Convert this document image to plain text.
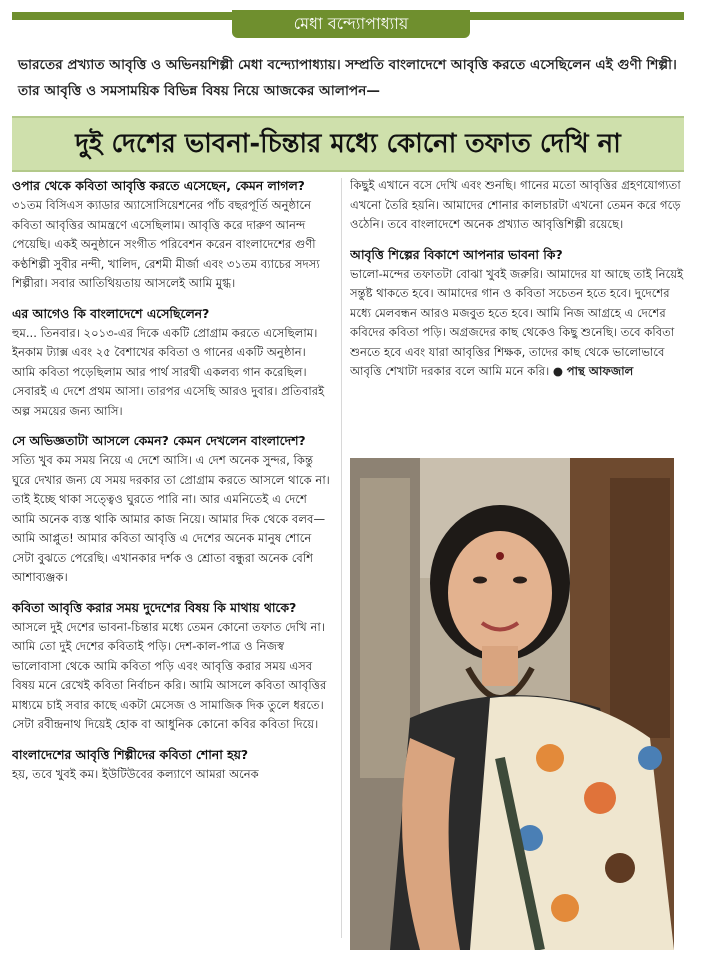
মেধা বন্দ্যোপাধ্যায়
ভারতের প্রখ্যাত আবৃত্তি ও অভিনয়শিল্পী মেধা বন্দ্যোপাধ্যায়। সম্প্রতি বাংলাদেশে আবৃত্তি করতে এসেছিলেন এই গুণী শিল্পী। তার আবৃত্তি ও সমসাময়িক বিভিন্ন বিষয় নিয়ে আজকের আলাপন—
দুই দেশের ভাবনা-চিন্তার মধ্যে কোনো তফাত দেখি না
ওপার থেকে কবিতা আবৃত্তি করতে এসেছেন, কেমন লাগল?
৩১তম বিসিএস ক্যাডার অ্যাসোসিয়েশনের পাঁচ বছরপূর্তি অনুষ্ঠানে কবিতা আবৃত্তির আমন্ত্রণে এসেছিলাম। আবৃত্তি করে দারুণ আনন্দ পেয়েছি। একই অনুষ্ঠানে সংগীত পরিবেশন করেন বাংলাদেশের গুণী কণ্ঠশিল্পী সুবীর নন্দী, খালিদ, রেশমী মীর্জা এবং ৩১তম ব্যাচের সদস্য শিল্পীরা। সবার আতিথিয়তায় আসলেই আমি মুগ্ধ।
এর আগেও কি বাংলাদেশে এসেছিলেন?
হুম... তিনবার। ২০১৩-এর দিকে একটি প্রোগ্রাম করতে এসেছিলাম। ইনকাম ট্যাক্স এবং ২৫ বৈশাখের কবিতা ও গানের একটি অনুষ্ঠান। আমি কবিতা পড়েছিলাম আর পার্থ সারথী একলব্য গান করেছিল। সেবারই এ দেশে প্রথম আসা। তারপর এসেছি আরও দুবার। প্রতিবারই অল্প সময়ের জন্য আসি।
সে অভিজ্ঞতাটা আসলে কেমন? কেমন দেখলেন বাংলাদেশ?
সত্যি খুব কম সময় নিয়ে এ দেশে আসি। এ দেশ অনেক সুন্দর, কিন্তু ঘুরে দেখার জন্য যে সময় দরকার তা প্রোগ্রাম করতে আসলে থাকে না। তাই ইচ্ছে থাকা সত্ত্বেও ঘুরতে পারি না। আর এমনিতেই এ দেশে আমি অনেক ব্যস্ত থাকি আমার কাজ নিয়ে। আমার দিক থেকে বলব—আমি আপ্লুত! আমার কবিতা আবৃত্তি এ দেশের অনেক মানুষ শোনে সেটা বুঝতে পেরেছি। এখানকার দর্শক ও শ্রোতা বন্ধুরা অনেক বেশি আশাব্যঞ্জক।
কবিতা আবৃত্তি করার সময় দুদেশের বিষয় কি মাথায় থাকে?
আসলে দুই দেশের ভাবনা-চিন্তার মধ্যে তেমন কোনো তফাত দেখি না। আমি তো দুই দেশের কবিতাই পড়ি। দেশ-কাল-পাত্র ও নিজস্ব ভালোবাসা থেকে আমি কবিতা পড়ি এবং আবৃত্তি করার সময় এসব বিষয় মনে রেখেই কবিতা নির্বাচন করি। আমি আসলে কবিতা আবৃত্তির মাধ্যমে চাই সবার কাছে একটা মেসেজ ও সামাজিক দিক তুলে ধরতে। সেটা রবীন্দ্রনাথ দিয়েই হোক বা আধুনিক কোনো কবির কবিতা দিয়ে।
বাংলাদেশের আবৃত্তি শিল্পীদের কবিতা শোনা হয়?
হয়, তবে খুবই কম। ইউটিউবের কল্যাণে আমরা অনেক
কিছুই এখানে বসে দেখি এবং শুনছি। গানের মতো আবৃত্তির গ্রহণযোগ্যতা এখনো তৈরি হয়নি। আমাদের শোনার কালচারটা এখনো তেমন করে গড়ে ওঠেনি। তবে বাংলাদেশে অনেক প্রখ্যাত আবৃত্তিশিল্পী রয়েছে।
আবৃত্তি শিল্পের বিকাশে আপনার ভাবনা কি?
ভালো-মন্দের তফাতটা বোঝা খুবই জরুরি। আমাদের যা আছে তাই নিয়েই সন্তুষ্ট থাকতে হবে। আমাদের গান ও কবিতা সচেতন হতে হবে। দুদেশের মধ্যে মেলবন্ধন আরও মজবুত হতে হবে। আমি নিজ আগ্রহে এ দেশের কবিদের কবিতা পড়ি। অগ্রজদের কাছ থেকেও কিছু শুনেছি। তবে কবিতা শুনতে হবে এবং যারা আবৃত্তির শিক্ষক, তাদের কাছ থেকে ভালোভাবে আবৃত্তি শেখাটা দরকার বলে আমি মনে করি। ● পান্থ আফজাল
